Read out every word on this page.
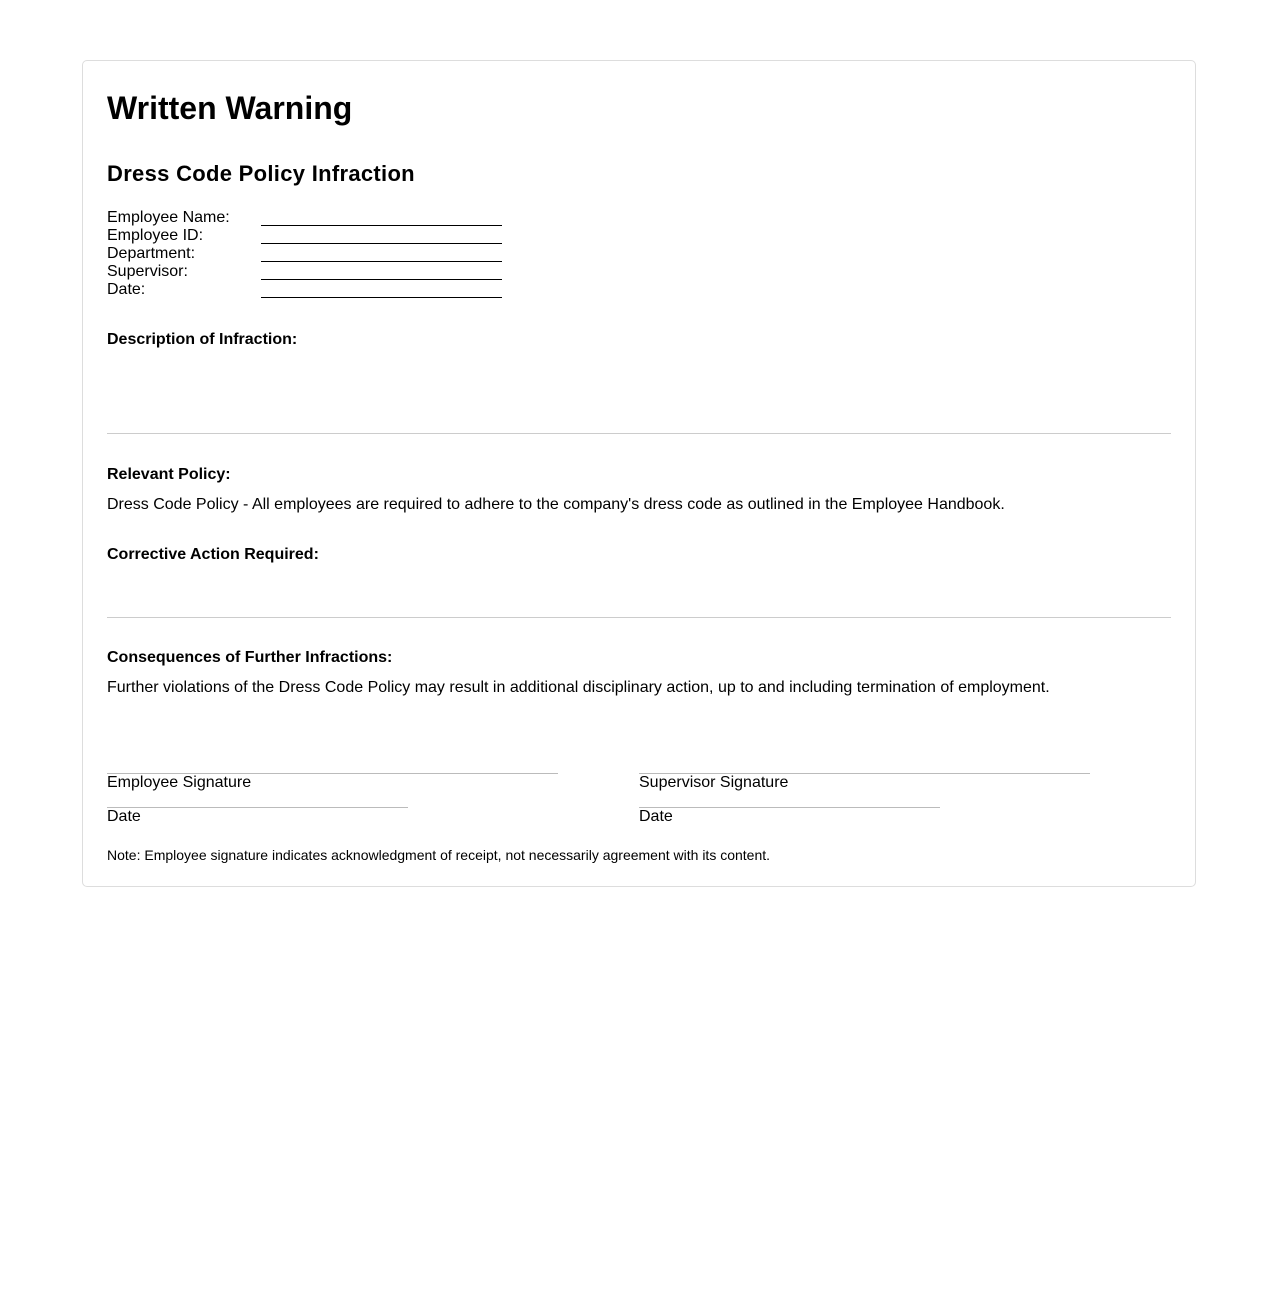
Written Warning
Dress Code Policy Infraction
Employee Name:
Employee ID:
Department:
Supervisor:
Date:

Description of Infraction:

Relevant Policy:

Dress Code Policy - All employees are required to adhere to the company's dress code as outlined in the Employee Handbook.

Corrective Action Required:

Consequences of Further Infractions:

Further violations of the Dress Code Policy may result in additional disciplinary action, up to and including termination of employment.
Employee Signature
Date
Supervisor Signature
Date
Note: Employee signature indicates acknowledgment of receipt, not necessarily agreement with its content.
